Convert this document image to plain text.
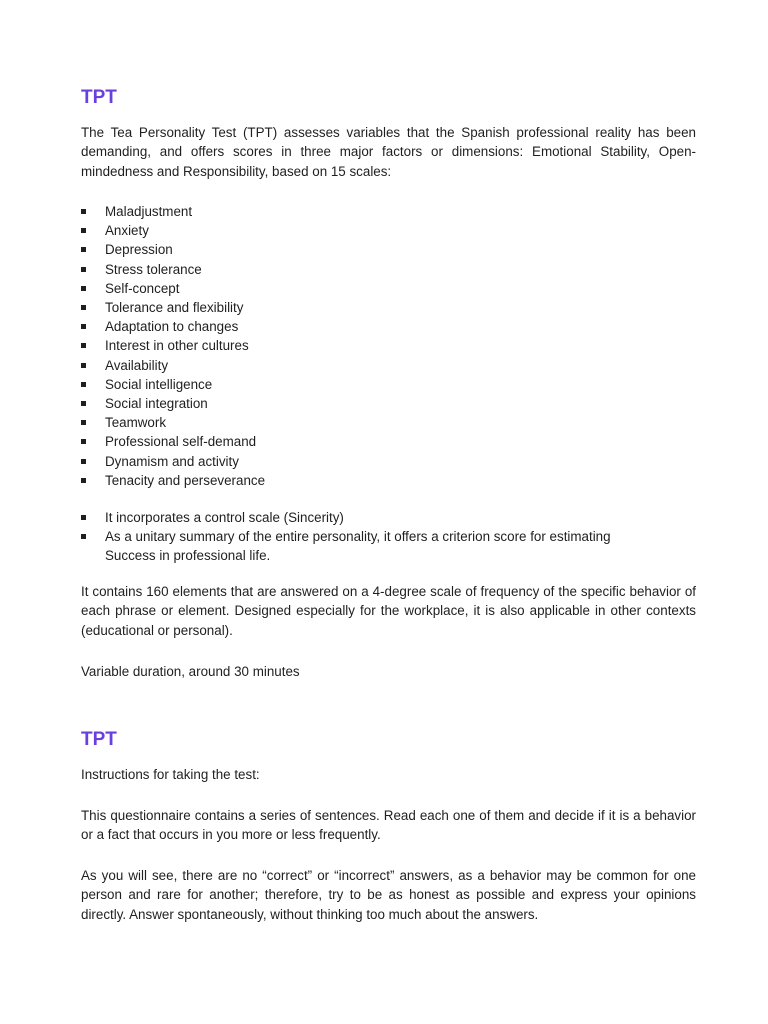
TPT

The Tea Personality Test (TPT) assesses variables that the Spanish professional reality has been demanding, and offers scores in three major factors or dimensions: Emotional Stability, Open-mindedness and Responsibility, based on 15 scales:

Maladjustment
Anxiety
Depression
Stress tolerance
Self-concept
Tolerance and flexibility
Adaptation to changes
Interest in other cultures
Availability
Social intelligence
Social integration
Teamwork
Professional self-demand
Dynamism and activity
Tenacity and perseverance
It incorporates a control scale (Sincerity)
As a unitary summary of the entire personality, it offers a criterion score for estimating Success in professional life.

It contains 160 elements that are answered on a 4-degree scale of frequency of the specific behavior of each phrase or element. Designed especially for the workplace, it is also applicable in other contexts (educational or personal).

Variable duration, around 30 minutes

TPT

Instructions for taking the test:

This questionnaire contains a series of sentences. Read each one of them and decide if it is a behavior or a fact that occurs in you more or less frequently.

As you will see, there are no “correct” or “incorrect” answers, as a behavior may be common for one person and rare for another; therefore, try to be as honest as possible and express your opinions directly. Answer spontaneously, without thinking too much about the answers.
